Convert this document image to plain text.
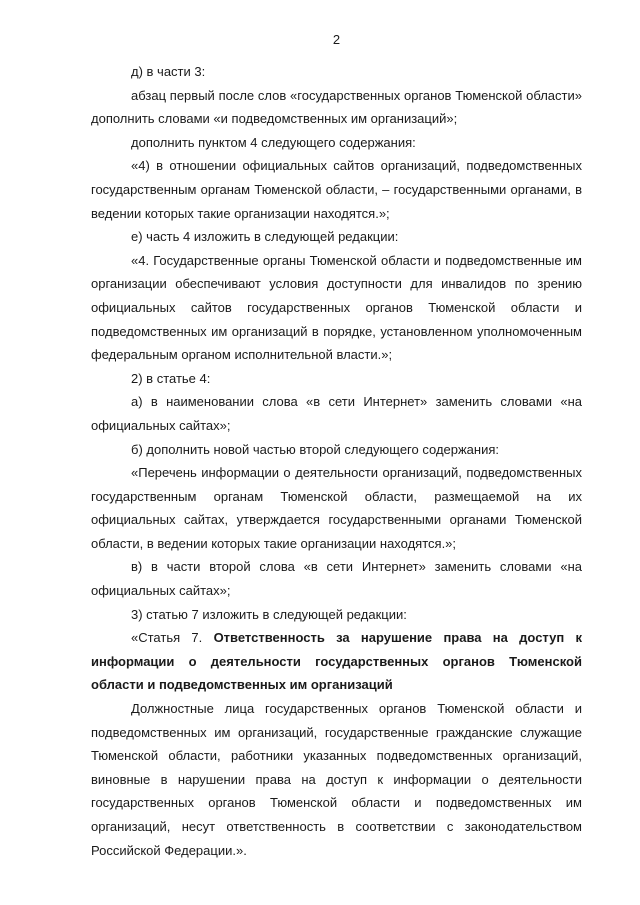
2

д) в части 3:

абзац первый после слов «государственных органов Тюменской области» дополнить словами «и подведомственных им организаций»;

дополнить пунктом 4 следующего содержания:

«4) в отношении официальных сайтов организаций, подведомственных государственным органам Тюменской области, – государственными органами, в ведении которых такие организации находятся.»;

е) часть 4 изложить в следующей редакции:

«4. Государственные органы Тюменской области и подведомственные им организации обеспечивают условия доступности для инвалидов по зрению официальных сайтов государственных органов Тюменской области и подведомственных им организаций в порядке, установленном уполномоченным федеральным органом исполнительной власти.»;

2) в статье 4:

а) в наименовании слова «в сети Интернет» заменить словами «на официальных сайтах»;

б) дополнить новой частью второй следующего содержания:

«Перечень информации о деятельности организаций, подведомственных государственным органам Тюменской области, размещаемой на их официальных сайтах, утверждается государственными органами Тюменской области, в ведении которых такие организации находятся.»;

в) в части второй слова «в сети Интернет» заменить словами «на официальных сайтах»;

3) статью 7 изложить в следующей редакции:

«Статья 7. Ответственность за нарушение права на доступ к информации о деятельности государственных органов Тюменской области и подведомственных им организаций

Должностные лица государственных органов Тюменской области и подведомственных им организаций, государственные гражданские служащие Тюменской области, работники указанных подведомственных организаций, виновные в нарушении права на доступ к информации о деятельности государственных органов Тюменской области и подведомственных им организаций, несут ответственность в соответствии с законодательством Российской Федерации.».
